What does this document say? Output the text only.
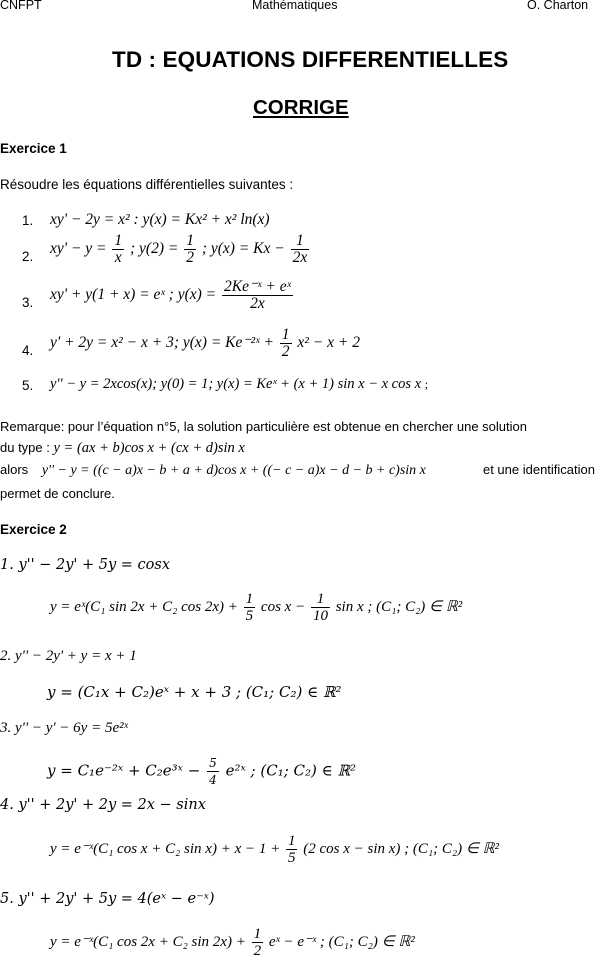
CNFPT	Mathématiques	O. Charton
TD : EQUATIONS DIFFERENTIELLES
CORRIGE
Exercice 1
Résoudre les équations différentielles suivantes :
1. xy' − 2y = x² : y(x) = Kx² + x² ln(x)
2. $xy' - y = \frac{1}{x}$ ; $y(2) = \frac{1}{2}$ ; $y(x) = Kx - \frac{1}{2x}$
3. xy' + y(1 + x) = eˣ ; $y(x) = \frac{\text{2Ke⁻ˣ + eˣ}}{2x}$
4. y' + 2y = x² − x + 3; y(x) = Ke⁻²ˣ + $\frac{1}{2} x^2 - x + 2$
5. y'' − y = 2xcos(x); y(0) = 1; y(x) = Keˣ + (x + 1) sin x − x cos x ;
Remarque: pour l’équation n°5, la solution particulière est obtenue en chercher une solution
du type : y = (ax + b)cos x + (cx + d)sin x
alors y'' − y = ((c − a)x − b + a + d)cos x + ((− c − a)x − d − b + c)sin x	et une identification
permet de conclure.
Exercice 2
1. y'' − 2y' + 5y = cosx
y = eˣ(C₁ sin 2x + C₂ $\cos 2x) + \frac{1}{5}$ $\cos x - \frac{1}{10}$ sin x ; (C₁; C₂) ∈ ℝ²
2. y'' − 2y' + y = x + 1
y = (C₁x + C₂)eˣ + x + 3 ; (C₁; C₂) ∈ ℝ²
3. y'' − y' − 6y = 5e²ˣ
y = C₁e⁻²ˣ + C₂e³ˣ − $\frac{5}{4}$ e²ˣ ; (C₁; C₂) ∈ ℝ²
4. y'' + 2y' + 2y = 2x − sinx
y = e⁻ˣ(C₁ cos x + C₂ $\sin x) + x - 1 + \frac{1}{5} (2$ cos x − sin x) ; (C₁; C₂) ∈ ℝ²
5. y'' + 2y' + 5y = 4(eˣ − e⁻ˣ)
y = e⁻ˣ(C₁ cos 2x + C₂ $\sin 2x) + \frac{1}{2}$ eˣ − e⁻ˣ ; (C₁; C₂) ∈ ℝ²
